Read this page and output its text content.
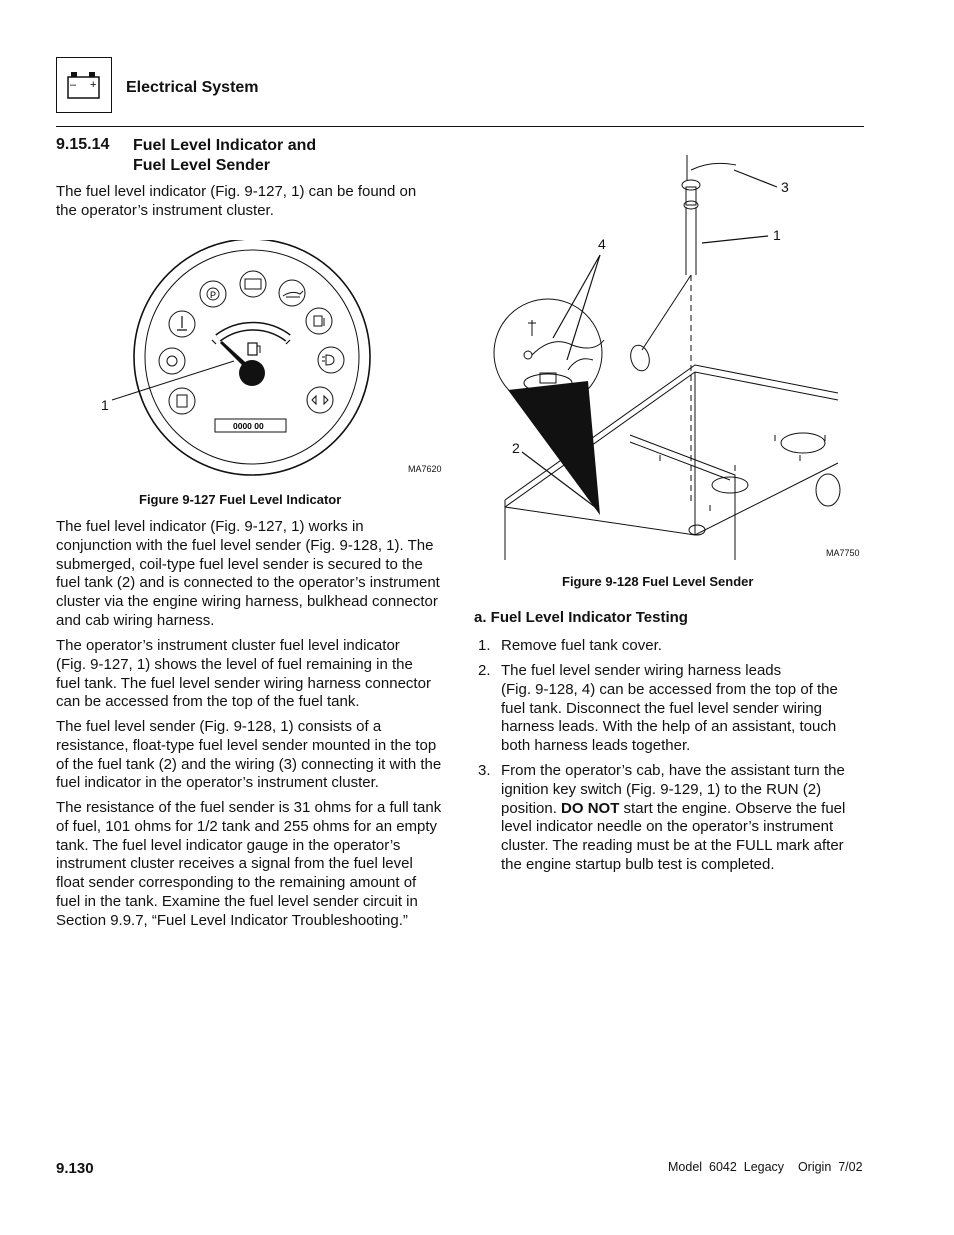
– + Electrical System
9.15.14 Fuel Level Indicator and
Fuel Level Sender
The fuel level indicator (Fig. 9-127, 1) can be found on
the operator’s instrument cluster.
P
0000 00
1
MA7620
Figure 9-127 Fuel Level Indicator
The fuel level indicator (Fig. 9-127, 1) works in
conjunction with the fuel level sender (Fig. 9-128, 1). The
submerged, coil-type fuel level sender is secured to the
fuel tank (2) and is connected to the operator’s instrument
cluster via the engine wiring harness, bulkhead connector
and cab wiring harness.
The operator’s instrument cluster fuel level indicator
(Fig. 9-127, 1) shows the level of fuel remaining in the
fuel tank. The fuel level sender wiring harness connector
can be accessed from the top of the fuel tank.
The fuel level sender (Fig. 9-128, 1) consists of a
resistance, float-type fuel level sender mounted in the top
of the fuel tank (2) and the wiring (3) connecting it with the
fuel indicator in the operator’s instrument cluster.
The resistance of the fuel sender is 31 ohms for a full tank
of fuel, 101 ohms for 1/2 tank and 255 ohms for an empty
tank. The fuel level indicator gauge in the operator’s
instrument cluster receives a signal from the fuel level
float sender corresponding to the remaining amount of
fuel in the tank. Examine the fuel level sender circuit in
Section 9.9.7, “Fuel Level Indicator Troubleshooting.”
3
1
4
2
MA7750
Figure 9-128 Fuel Level Sender
a. Fuel Level Indicator Testing
1. Remove fuel tank cover.
2. The fuel level sender wiring harness leads
(Fig. 9-128, 4) can be accessed from the top of the
fuel tank. Disconnect the fuel level sender wiring
harness leads. With the help of an assistant, touch
both harness leads together.
3. From the operator’s cab, have the assistant turn the
ignition key switch (Fig. 9-129, 1) to the RUN (2)
position. DO NOT start the engine. Observe the fuel
level indicator needle on the operator’s instrument
cluster. The reading must be at the FULL mark after
the engine startup bulb test is completed.
9.130	Model  6042  Legacy    Origin  7/02
